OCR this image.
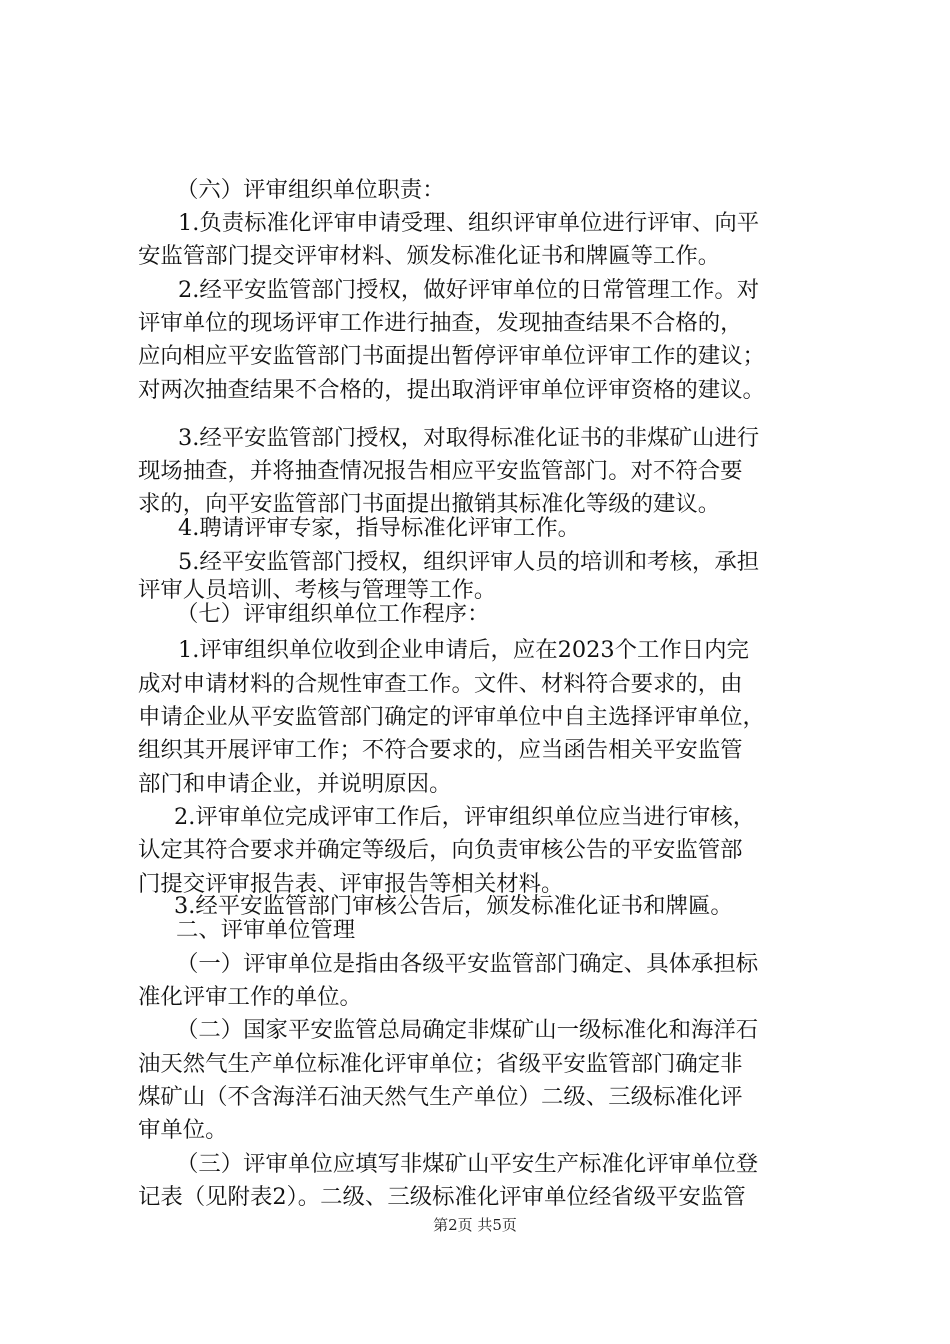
（六）评审组织单位职责：
1.负责标准化评审申请受理、组织评审单位进行评审、向平
安监管部门提交评审材料、颁发标准化证书和牌匾等工作。
2.经平安监管部门授权，做好评审单位的日常管理工作。对
评审单位的现场评审工作进行抽查，发现抽查结果不合格的，
应向相应平安监管部门书面提出暂停评审单位评审工作的建议；
对两次抽查结果不合格的，提出取消评审单位评审资格的建议。
3.经平安监管部门授权，对取得标准化证书的非煤矿山进行
现场抽查，并将抽查情况报告相应平安监管部门。对不符合要
求的，向平安监管部门书面提出撤销其标准化等级的建议。
4.聘请评审专家，指导标准化评审工作。
5.经平安监管部门授权，组织评审人员的培训和考核，承担
评审人员培训、考核与管理等工作。
（七）评审组织单位工作程序：
1.评审组织单位收到企业申请后，应在2023个工作日内完
成对申请材料的合规性审查工作。文件、材料符合要求的，由
申请企业从平安监管部门确定的评审单位中自主选择评审单位，
组织其开展评审工作；不符合要求的，应当函告相关平安监管
部门和申请企业，并说明原因。
2.评审单位完成评审工作后，评审组织单位应当进行审核，
认定其符合要求并确定等级后，向负责审核公告的平安监管部
门提交评审报告表、评审报告等相关材料。
3.经平安监管部门审核公告后，颁发标准化证书和牌匾。
二、评审单位管理
（一）评审单位是指由各级平安监管部门确定、具体承担标
准化评审工作的单位。
（二）国家平安监管总局确定非煤矿山一级标准化和海洋石
油天然气生产单位标准化评审单位；省级平安监管部门确定非
煤矿山（不含海洋石油天然气生产单位）二级、三级标准化评
审单位。
（三）评审单位应填写非煤矿山平安生产标准化评审单位登
记表（见附表2）。二级、三级标准化评审单位经省级平安监管
第2页 共5页
